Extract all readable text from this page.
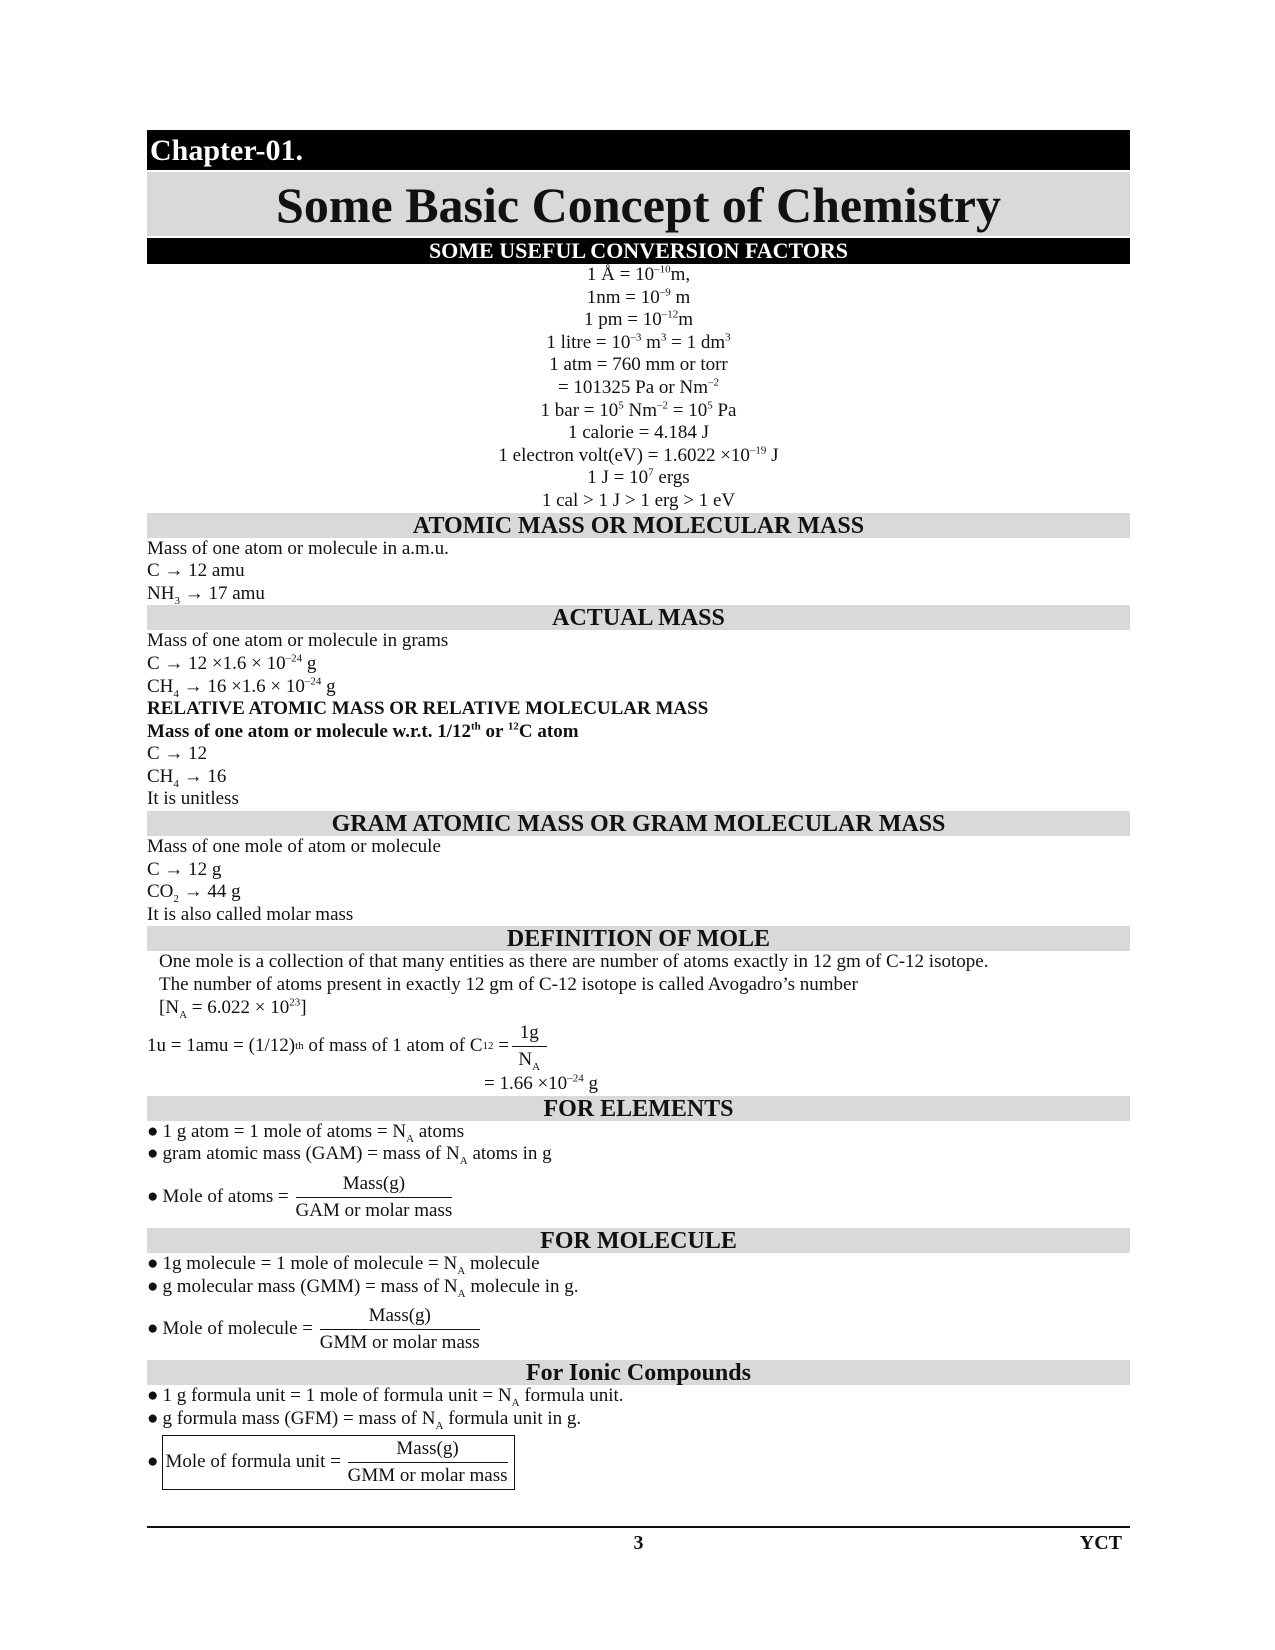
Chapter-01.
Some Basic Concept of Chemistry
SOME USEFUL CONVERSION FACTORS
1 Å = $10^{-10}m$,
$1nm = 10^{-9}$ m
1 pm = $10^{-12}m$
1 litre = $10^{-3}$ $m^3 = 1$ $dm^3$
1 atm = 760 mm or torr
= 101325 Pa or $Nm^{-2}$
1 bar = $10^5$ $Nm^{-2} = 10^5$ Pa
1 calorie = 4.184 J
1 electron volt(eV) = $1.6022 \times 10^{-19}$ J
1 $J = 10^7$ ergs
1 cal > 1 J > 1 erg > 1 eV
ATOMIC MASS OR MOLECULAR MASS
Mass of one atom or molecule in a.m.u.
C → 12 amu
$NH_3 \to 17$ amu
ACTUAL MASS
Mass of one atom or molecule in grams
$C \to 12 \times 1.6 \times 10^{-24}$ g
$CH_4 \to 16 \times 1.6 \times 10^{-24}$ g
RELATIVE ATOMIC MASS OR RELATIVE MOLECULAR MASS
Mass of one atom or molecule w.r.t. 1/12th or $^{12}$C atom
C → 12
$CH_4 \to 16$
It is unitless
GRAM ATOMIC MASS OR GRAM MOLECULAR MASS
Mass of one mole of atom or molecule
C → 12 g
$CO_2 \to 44$ g
It is also called molar mass
DEFINITION OF MOLE
One mole is a collection of that many entities as there are number of atoms exactly in 12 gm of C-12 isotope.
The number of atoms present in exactly 12 gm of C-12 isotope is called Avogadro’s number
$[N_A = 6.022 \times 10^{23}]$
1u = 1amu = (1/12) th of mass of 1 atom of C $12 = \frac{1g}{N_A}$
= $1.66 \times 10^{-24}$ g
FOR ELEMENTS
● 1 g atom = 1 mole of atoms = $N_A$ atoms
● gram atomic mass (GAM) = mass of $N_A$ atoms in g
● Mole of atoms = $\frac{\text{Mass(g)}}{\text{GAM or molar mass}}$
FOR MOLECULE
● 1g molecule = 1 mole of molecule = $N_A$ molecule
● g molecular mass (GMM) = mass of $N_A$ molecule in g.
● Mole of molecule = $\frac{\text{Mass(g)}}{\text{GMM or molar mass}}$
For Ionic Compounds
● 1 g formula unit = 1 mole of formula unit = $N_A$ formula unit.
● g formula mass (GFM) = mass of $N_A$ formula unit in g.
● Mole of formula unit = $\frac{\text{Mass(g)}}{\text{GMM or molar mass}}$
3	YCT
